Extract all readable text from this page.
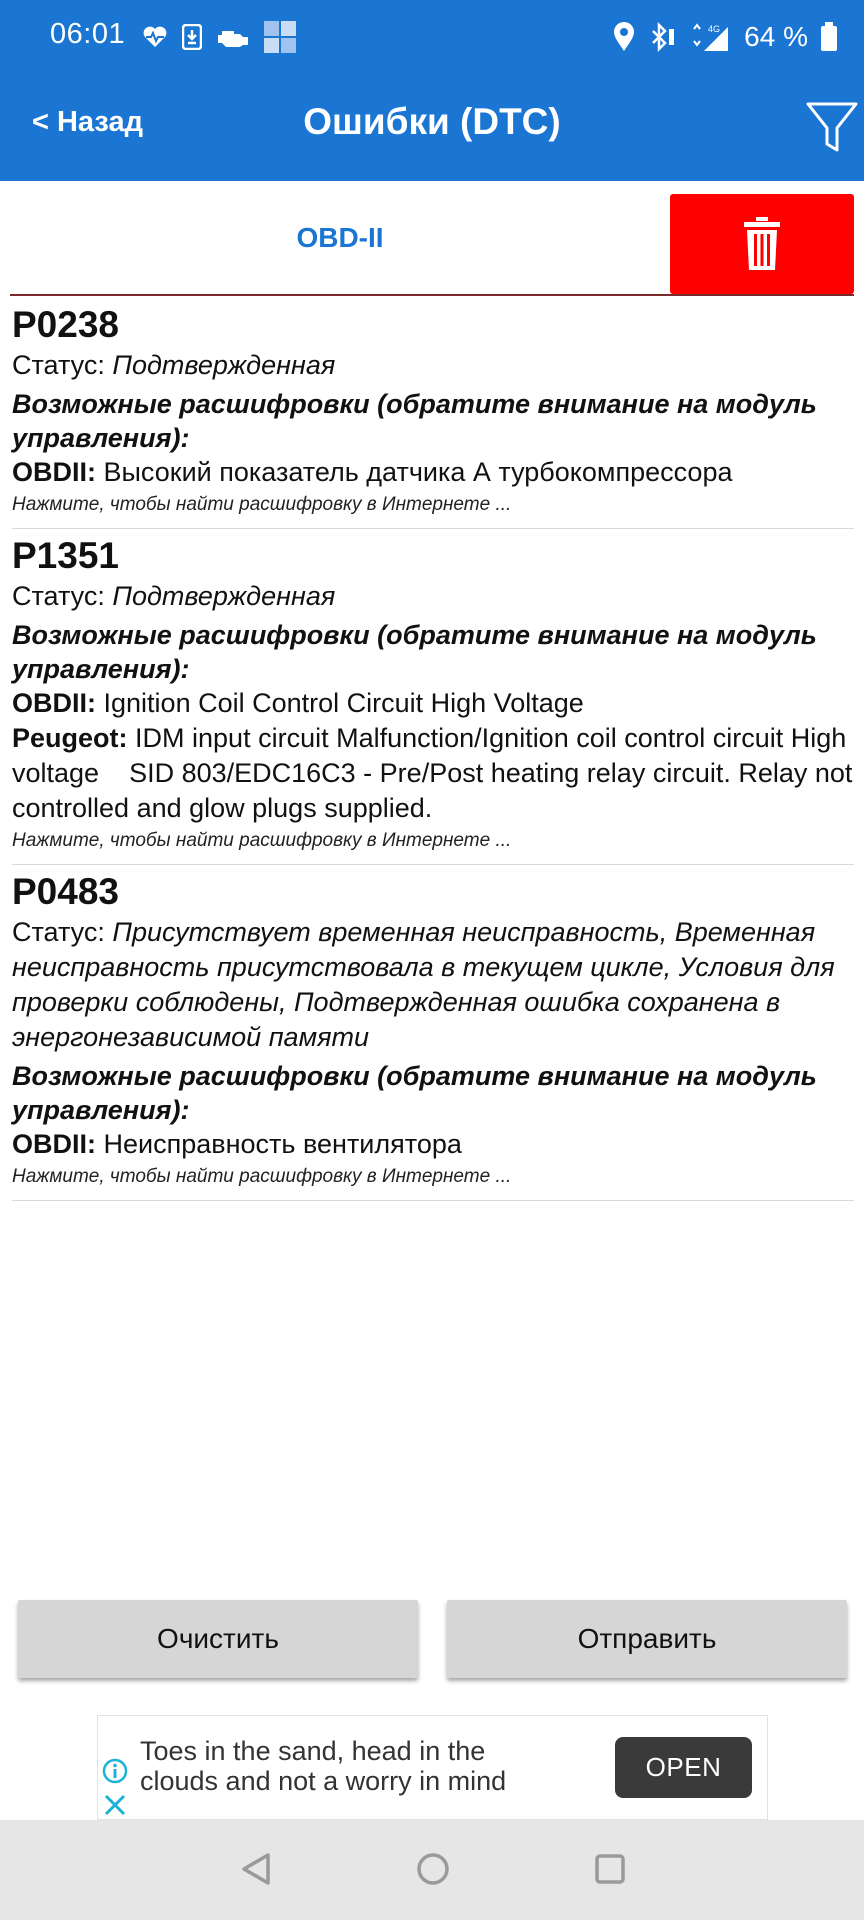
06:01	4G 64 %
< Назад	Ошибки (DTC)
OBD-II
P0238
Статус: Подтвержденная
Возможные расшифровки (обратите внимание на модуль управления):
OBDII: Высокий показатель датчика А турбокомпрессора
Нажмите, чтобы найти расшифровку в Интернете ...
P1351
Статус: Подтвержденная
Возможные расшифровки (обратите внимание на модуль управления):
OBDII: Ignition Coil Control Circuit High Voltage
Peugeot: IDM input circuit Malfunction/Ignition coil control circuit High voltage    SID 803/EDC16C3 - Pre/Post heating relay circuit. Relay not controlled and glow plugs supplied.
Нажмите, чтобы найти расшифровку в Интернете ...
P0483
Статус: Присутствует временная неисправность, Временная неисправность присутствовала в текущем цикле, Условия для проверки соблюдены, Подтвержденная ошибка сохранена в энергонезависимой памяти
Возможные расшифровки (обратите внимание на модуль управления):
OBDII: Неисправность вентилятора
Нажмите, чтобы найти расшифровку в Интернете ...
Очистить	Отправить
Toes in the sand, head in the clouds and not a worry in mind	OPEN
